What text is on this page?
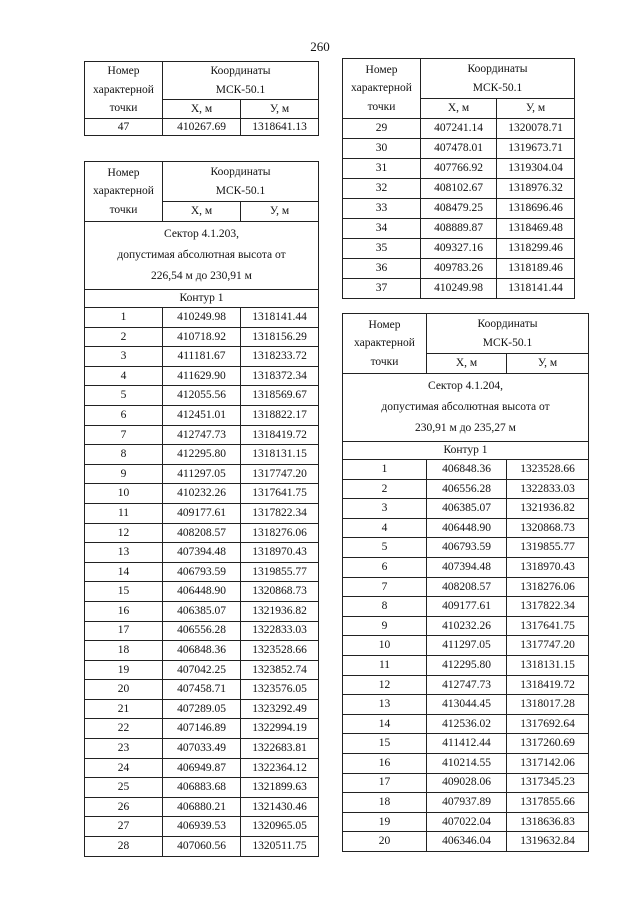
260
Номер характерной точки	Координаты
МСК-50.1	
	X, м	У, м
47	410267.69	1318641.13
Номер характерной точки	Координаты
МСК-50.1	
	X, м	У, м
29	407241.14	1320078.71
30	407478.01	1319673.71
31	407766.92	1319304.04
32	408102.67	1318976.32
33	408479.25	1318696.46
34	408889.87	1318469.48
35	409327.16	1318299.46
36	409783.26	1318189.46
37	410249.98	1318141.44
Номер характерной точки	Координаты
МСК-50.1	
	X, м	У, м
Сектор 4.1.203,
допустимая абсолютная высота от
226,54 м до 230,91 м		
Контур 1		
1	410249.98	1318141.44
2	410718.92	1318156.29
3	411181.67	1318233.72
4	411629.90	1318372.34
5	412055.56	1318569.67
6	412451.01	1318822.17
7	412747.73	1318419.72
8	412295.80	1318131.15
9	411297.05	1317747.20
10	410232.26	1317641.75
11	409177.61	1317822.34
12	408208.57	1318276.06
13	407394.48	1318970.43
14	406793.59	1319855.77
15	406448.90	1320868.73
16	406385.07	1321936.82
17	406556.28	1322833.03
18	406848.36	1323528.66
19	407042.25	1323852.74
20	407458.71	1323576.05
21	407289.05	1323292.49
22	407146.89	1322994.19
23	407033.49	1322683.81
24	406949.87	1322364.12
25	406883.68	1321899.63
26	406880.21	1321430.46
27	406939.53	1320965.05
28	407060.56	1320511.75
Номер характерной точки	Координаты
МСК-50.1	
	X, м	У, м
Сектор 4.1.204,
допустимая абсолютная высота от
230,91 м до 235,27 м		
Контур 1		
1	406848.36	1323528.66
2	406556.28	1322833.03
3	406385.07	1321936.82
4	406448.90	1320868.73
5	406793.59	1319855.77
6	407394.48	1318970.43
7	408208.57	1318276.06
8	409177.61	1317822.34
9	410232.26	1317641.75
10	411297.05	1317747.20
11	412295.80	1318131.15
12	412747.73	1318419.72
13	413044.45	1318017.28
14	412536.02	1317692.64
15	411412.44	1317260.69
16	410214.55	1317142.06
17	409028.06	1317345.23
18	407937.89	1317855.66
19	407022.04	1318636.83
20	406346.04	1319632.84
